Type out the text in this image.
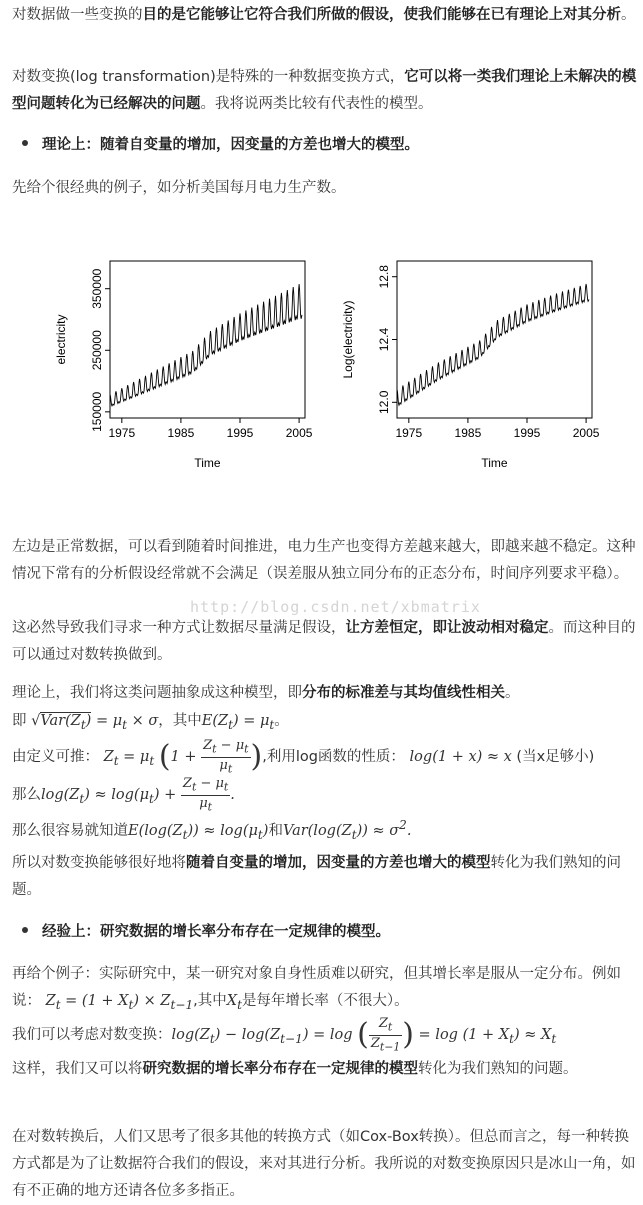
对数据做一些变换的目的是它能够让它符合我们所做的假设，使我们能够在已有理论上对其分析。

对数变换(log transformation)是特殊的一种数据变换方式，它可以将一类我们理论上未解决的模型问题转化为已经解决的问题。我将说两类比较有代表性的模型。

理论上：随着自变量的增加，因变量的方差也增大的模型。

先给个很经典的例子，如分析美国每月电力生产数。

1975	1985	1995	2005
150000
250000
350000
Time
electricity
1975	1985	1995	2005
12.0
12.4
12.8
Time
Log(electricity)

左边是正常数据，可以看到随着时间推进，电力生产也变得方差越来越大，即越来越不稳定。这种情况下常有的分析假设经常就不会满足（误差服从独立同分布的正态分布，时间序列要求平稳）。

http://blog.csdn.net/xbmatrix

这必然导致我们寻求一种方式让数据尽量满足假设，让方差恒定，即让波动相对稳定。而这种目的可以通过对数转换做到。

理论上，我们将这类问题抽象成这种模型，即分布的标准差与其均值线性相关。

即 $√Var(Z_t) = \mu_t \times \sigma$，其中$E(Z_t) = \mu_t$。

由定义可推： $Z_t = \mu_t$ ($1 + \frac{Z_t - \mu_t}{\mu_t}$ ),利用log函数的性质： log(1 + x) ≈ x (当x足够小)

那么$\log(Z_t) \approx \log(\mu_t) + \frac{Z_t - \mu_t}{\mu_t}$ .

那么很容易就知道$E(\log(Z_t)) \approx \log(\mu_t)$和$Var(\log(Z_t)) \approx \sigma^2$.

所以对数变换能够很好地将随着自变量的增加，因变量的方差也增大的模型转化为我们熟知的问题。

经验上：研究数据的增长率分布存在一定规律的模型。

再给个例子：实际研究中，某一研究对象自身性质难以研究，但其增长率是服从一定分布。例如说： $Z_t = (1 + X_t) \times Z_{t-1}$,其中$X_t$是每年增长率（不很大）。

我们可以考虑对数变换：$\log(Z_t) - \log(Z_{t-1}) = \log$ ( $\frac{Z_t}{Z_{t-1}}$ ) = $\log (1 + X_t) \approx X_t$

这样，我们又可以将研究数据的增长率分布存在一定规律的模型转化为我们熟知的问题。

在对数转换后，人们又思考了很多其他的转换方式（如Cox-Box转换）。但总而言之，每一种转换方式都是为了让数据符合我们的假设，来对其进行分析。我所说的对数变换原因只是冰山一角，如有不正确的地方还请各位多多指正。
